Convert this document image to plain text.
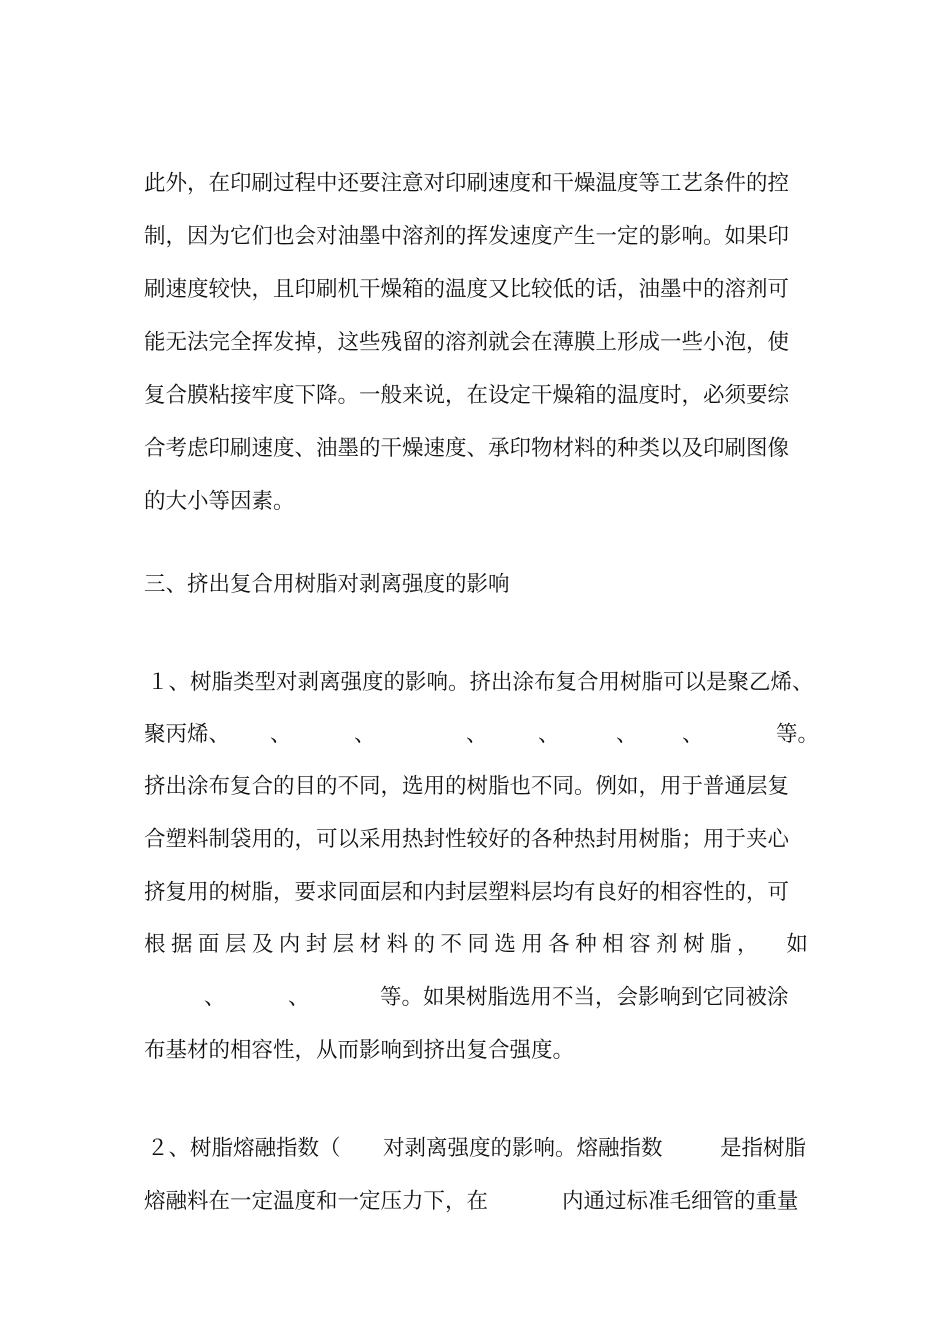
此外，在印刷过程中还要注意对印刷速度和干燥温度等工艺条件的控
制，因为它们也会对油墨中溶剂的挥发速度产生一定的影响。如果印
刷速度较快，且印刷机干燥箱的温度又比较低的话，油墨中的溶剂可
能无法完全挥发掉，这些残留的溶剂就会在薄膜上形成一些小泡，使
复合膜粘接牢度下降。一般来说，在设定干燥箱的温度时，必须要综
合考虑印刷速度、油墨的干燥速度、承印物材料的种类以及印刷图像
的大小等因素。
三、挤出复合用树脂对剥离强度的影响
１、树脂类型对剥离强度的影响。挤出涂布复合用树脂可以是聚乙烯、
聚丙烯、 、	、	、 、	、 、	等。
挤出涂布复合的目的不同，选用的树脂也不同。例如，用于普通层复
合塑料制袋用的，可以采用热封性较好的各种热封用树脂；用于夹心
挤复用的树脂，要求同面层和内封层塑料层均有良好的相容性的，可
根 据 面 层 及 内 封 层 材 料 的 不 同 选 用 各 种 相 容 剂 树 脂 ，	如
、	、	等。如果树脂选用不当，会影响到它同被涂
布基材的相容性，从而影响到挤出复合强度。
２、树脂熔融指数（ 对剥离强度的影响。熔融指数	是指树脂
熔融料在一定温度和一定压力下，在	内通过标准毛细管的重量
